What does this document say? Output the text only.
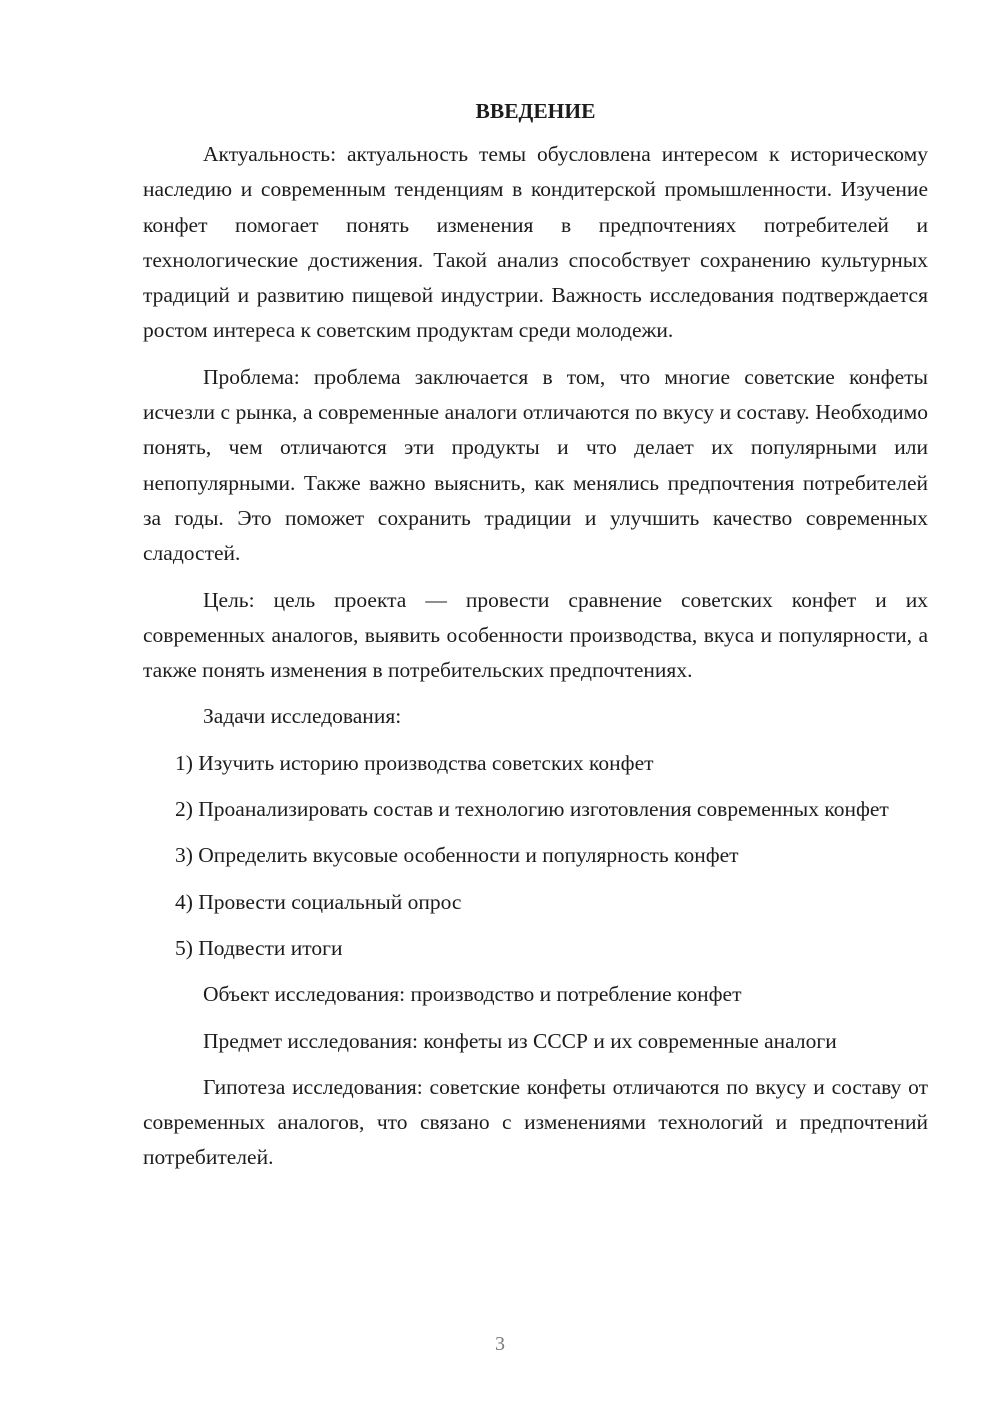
ВВЕДЕНИЕ

Актуальность: актуальность темы обусловлена интересом к историческому наследию и современным тенденциям в кондитерской промышленности. Изучение конфет помогает понять изменения в предпочтениях потребителей и технологические достижения. Такой анализ способствует сохранению культурных традиций и развитию пищевой индустрии. Важность исследования подтверждается ростом интереса к советским продуктам среди молодежи.

Проблема: проблема заключается в том, что многие советские конфеты исчезли с рынка, а современные аналоги отличаются по вкусу и составу. Необходимо понять, чем отличаются эти продукты и что делает их популярными или непопулярными. Также важно выяснить, как менялись предпочтения потребителей за годы. Это поможет сохранить традиции и улучшить качество современных сладостей.

Цель: цель проекта — провести сравнение советских конфет и их современных аналогов, выявить особенности производства, вкуса и популярности, а также понять изменения в потребительских предпочтениях.

Задачи исследования:

1) Изучить историю производства советских конфет

2) Проанализировать состав и технологию изготовления современных конфет

3) Определить вкусовые особенности и популярность конфет

4) Провести социальный опрос

5) Подвести итоги

Объект исследования: производство и потребление конфет

Предмет исследования: конфеты из СССР и их современные аналоги

Гипотеза исследования: советские конфеты отличаются по вкусу и составу от современных аналогов, что связано с изменениями технологий и предпочтений потребителей.

3
